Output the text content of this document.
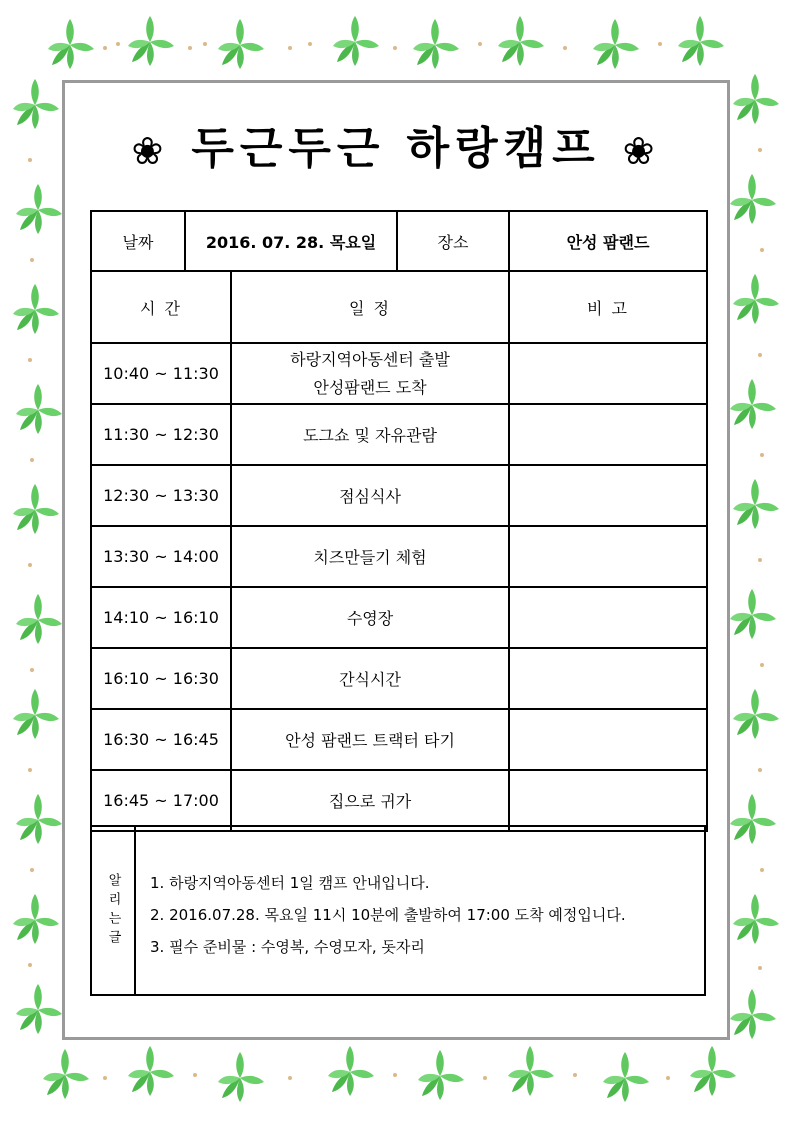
❀ 두근두근 하랑캠프 ❀
날짜	2016. 07. 28. 목요일		장소	안성 팜랜드
시 간		일 정		비 고
10:40 ~ 11:30		하랑지역아동센터 출발
안성팜랜드 도착		

11:30 ~ 12:30		도그쇼 및 자유관람		
12:30 ~ 13:30		점심식사		
13:30 ~ 14:00		치즈만들기 체험		
14:10 ~ 16:10		수영장		
16:10 ~ 16:30		간식시간		
16:30 ~ 16:45		안성 팜랜드 트랙터 타기		
16:45 ~ 17:00		집으로 귀가		
알리는글 1. 하랑지역아동센터 1일 캠프 안내입니다.
2. 2016.07.28. 목요일 11시 10분에 출발하여 17:00 도착 예정입니다.
3. 필수 준비물 : 수영복, 수영모자, 돗자리
